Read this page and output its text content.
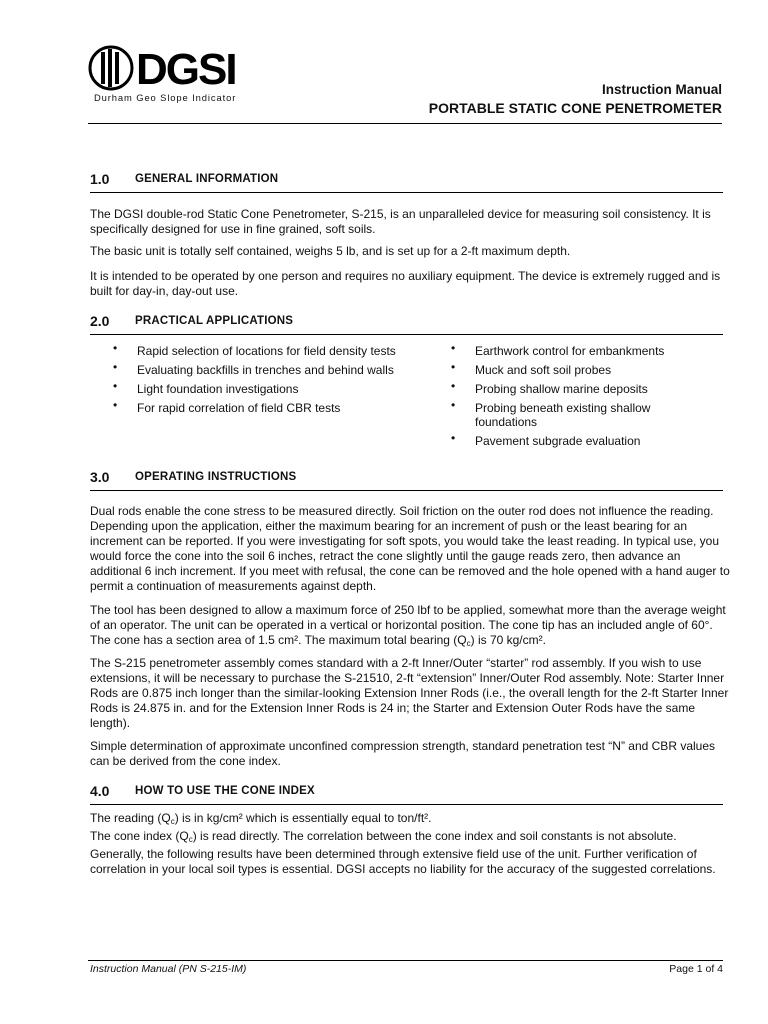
DGSI
Durham Geo Slope Indicator
Instruction Manual
PORTABLE STATIC CONE PENETROMETER
1.0 GENERAL INFORMATION
The DGSI double-rod Static Cone Penetrometer, S-215, is an unparalleled device for measuring soil consistency. It is specifically designed for use in fine grained, soft soils.
The basic unit is totally self contained, weighs 5 lb, and is set up for a 2-ft maximum depth.
It is intended to be operated by one person and requires no auxiliary equipment. The device is extremely rugged and is built for day-in, day-out use.
2.0 PRACTICAL APPLICATIONS
• Rapid selection of locations for field density tests
• Evaluating backfills in trenches and behind walls
• Light foundation investigations
• For rapid correlation of field CBR tests
• Earthwork control for embankments
• Muck and soft soil probes
• Probing shallow marine deposits
• Probing beneath existing shallow foundations
• Pavement subgrade evaluation
3.0 OPERATING INSTRUCTIONS
Dual rods enable the cone stress to be measured directly. Soil friction on the outer rod does not influence the reading. Depending upon the application, either the maximum bearing for an increment of push or the least bearing for an increment can be reported. If you were investigating for soft spots, you would take the least reading. In typical use, you would force the cone into the soil 6 inches, retract the cone slightly until the gauge reads zero, then advance an additional 6 inch increment. If you meet with refusal, the cone can be removed and the hole opened with a hand auger to permit a continuation of measurements against depth.
The tool has been designed to allow a maximum force of 250 lbf to be applied, somewhat more than the average weight of an operator. The unit can be operated in a vertical or horizontal position. The cone tip has an included angle of 60°. The cone has a section area of 1.5 cm². The maximum total bearing $(Q_c)$ is 70 kg/cm².
The S-215 penetrometer assembly comes standard with a 2-ft Inner/Outer “starter” rod assembly. If you wish to use extensions, it will be necessary to purchase the S-21510, 2-ft “extension” Inner/Outer Rod assembly. Note: Starter Inner Rods are 0.875 inch longer than the similar-looking Extension Inner Rods (i.e., the overall length for the 2-ft Starter Inner Rods is 24.875 in. and for the Extension Inner Rods is 24 in; the Starter and Extension Outer Rods have the same length).
Simple determination of approximate unconfined compression strength, standard penetration test “N” and CBR values can be derived from the cone index.
4.0 HOW TO USE THE CONE INDEX
The reading $(Q_c)$ is in kg/cm² which is essentially equal to ton/ft².
The cone index $(Q_c)$ is read directly. The correlation between the cone index and soil constants is not absolute. Generally, the following results have been determined through extensive field use of the unit. Further verification of correlation in your local soil types is essential. DGSI accepts no liability for the accuracy of the suggested correlations.
Instruction Manual (PN S-215-IM)	Page 1 of 4
